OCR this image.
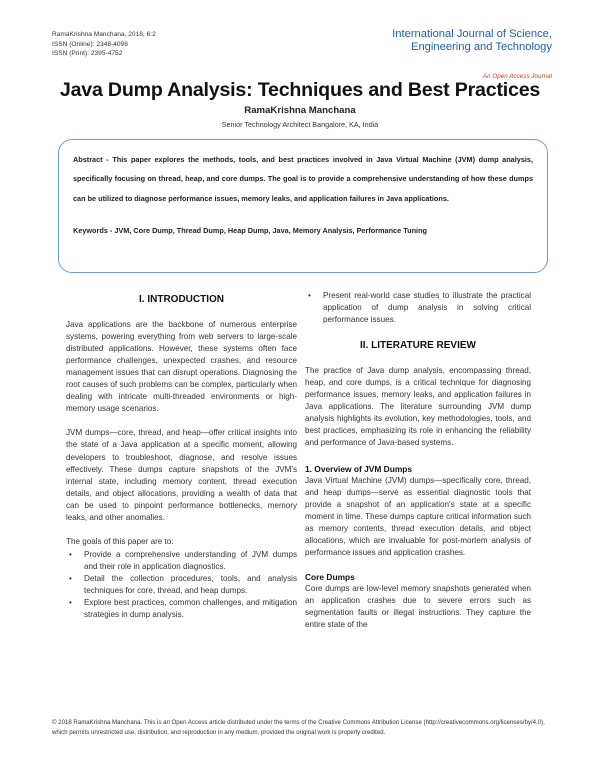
RamaKrishna Manchana, 2018, 6:2
ISSN (Online): 2348-4098
ISSN (Print): 2395-4752
International Journal of Science,
Engineering and Technology
An Open Access Journal
Java Dump Analysis: Techniques and Best Practices
RamaKrishna Manchana
Senior Technology Architect Bangalore, KA, India
Abstract - This paper explores the methods, tools, and best practices involved in Java Virtual Machine (JVM) dump analysis, specifically focusing on thread, heap, and core dumps. The goal is to provide a comprehensive understanding of how these dumps can be utilized to diagnose performance issues, memory leaks, and application failures in Java applications.
Keywords - JVM, Core Dump, Thread Dump, Heap Dump, Java, Memory Analysis, Performance Tuning
I. INTRODUCTION

Java applications are the backbone of numerous enterprise systems, powering everything from web servers to large-scale distributed applications. However, these systems often face performance challenges, unexpected crashes, and resource management issues that can disrupt operations. Diagnosing the root causes of such problems can be complex, particularly when dealing with intricate multi-threaded environments or high-memory usage scenarios.

JVM dumps—core, thread, and heap—offer critical insights into the state of a Java application at a specific moment, allowing developers to troubleshoot, diagnose, and resolve issues effectively. These dumps capture snapshots of the JVM's internal state, including memory content, thread execution details, and object allocations, providing a wealth of data that can be used to pinpoint performance bottlenecks, memory leaks, and other anomalies.

The goals of this paper are to:

• Provide a comprehensive understanding of JVM dumps and their role in application diagnostics.
• Detail the collection procedures, tools, and analysis techniques for core, thread, and heap dumps.
• Explore best practices, common challenges, and mitigation strategies in dump analysis.
• Present real-world case studies to illustrate the practical application of dump analysis in solving critical performance issues.
II. LITERATURE REVIEW

The practice of Java dump analysis, encompassing thread, heap, and core dumps, is a critical technique for diagnosing performance issues, memory leaks, and application failures in Java applications. The literature surrounding JVM dump analysis highlights its evolution, key methodologies, tools, and best practices, emphasizing its role in enhancing the reliability and performance of Java-based systems.

1. Overview of JVM Dumps

Java Virtual Machine (JVM) dumps—specifically core, thread, and heap dumps—serve as essential diagnostic tools that provide a snapshot of an application's state at a specific moment in time. These dumps capture critical information such as memory contents, thread execution details, and object allocations, which are invaluable for post-mortem analysis of performance issues and application crashes.

Core Dumps

Core dumps are low-level memory snapshots generated when an application crashes due to severe errors such as segmentation faults or illegal instructions. They capture the entire state of the

© 2018 RamaKrishna Manchana. This is an Open Access article distributed under the terms of the Creative Commons Attribution License (http://creativecommons.org/licenses/by/4.0), which permits unrestricted use, distribution, and reproduction in any medium, provided the original work is properly credited.
